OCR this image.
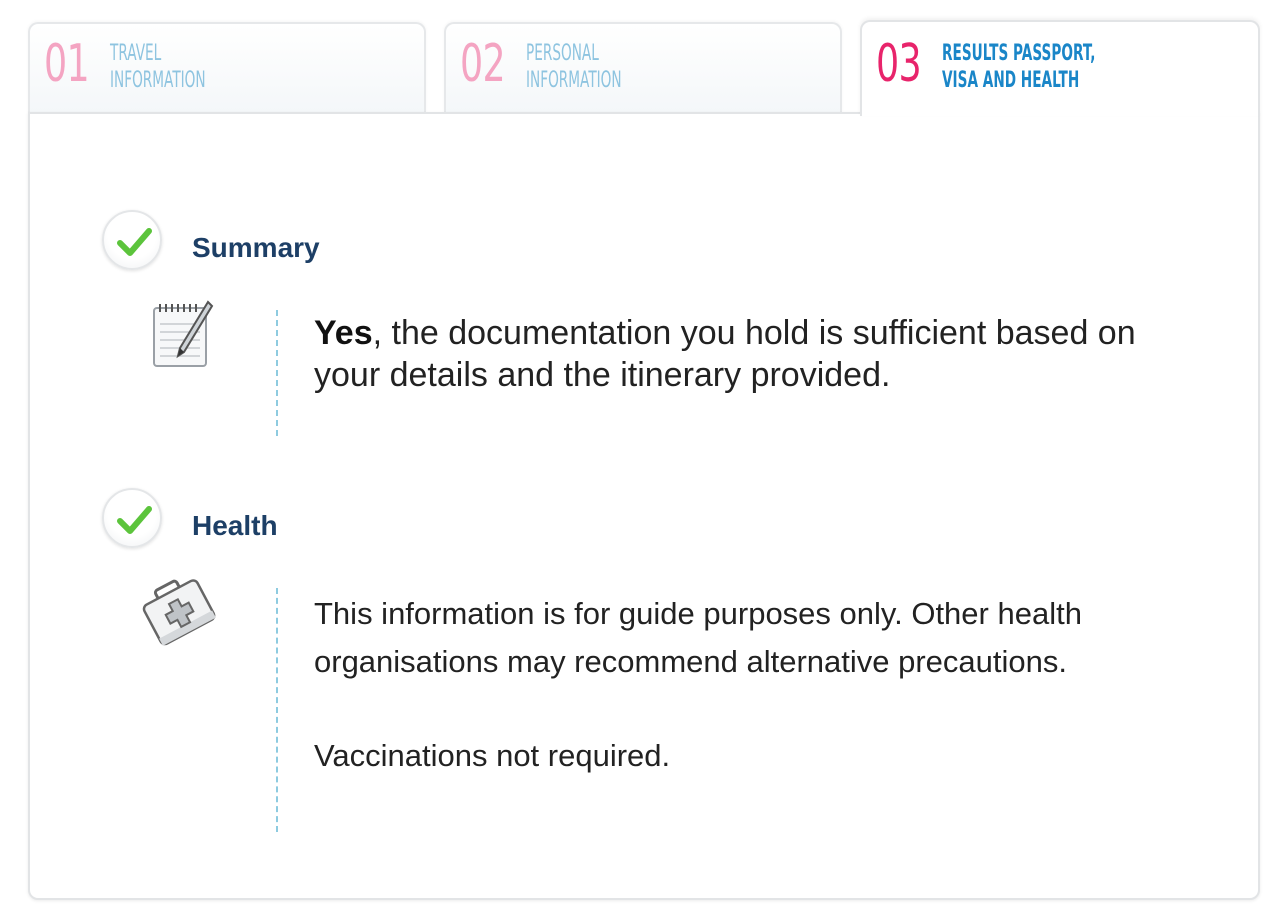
01 TRAVEL
INFORMATION	02 PERSONAL
INFORMATION	03 RESULTS PASSPORT,
VISA AND HEALTH
Summary
Yes, the documentation you hold is sufficient based on your details and the itinerary provided.
Health

This information is for guide purposes only. Other health organisations may recommend alternative precautions.

Vaccinations not required.
